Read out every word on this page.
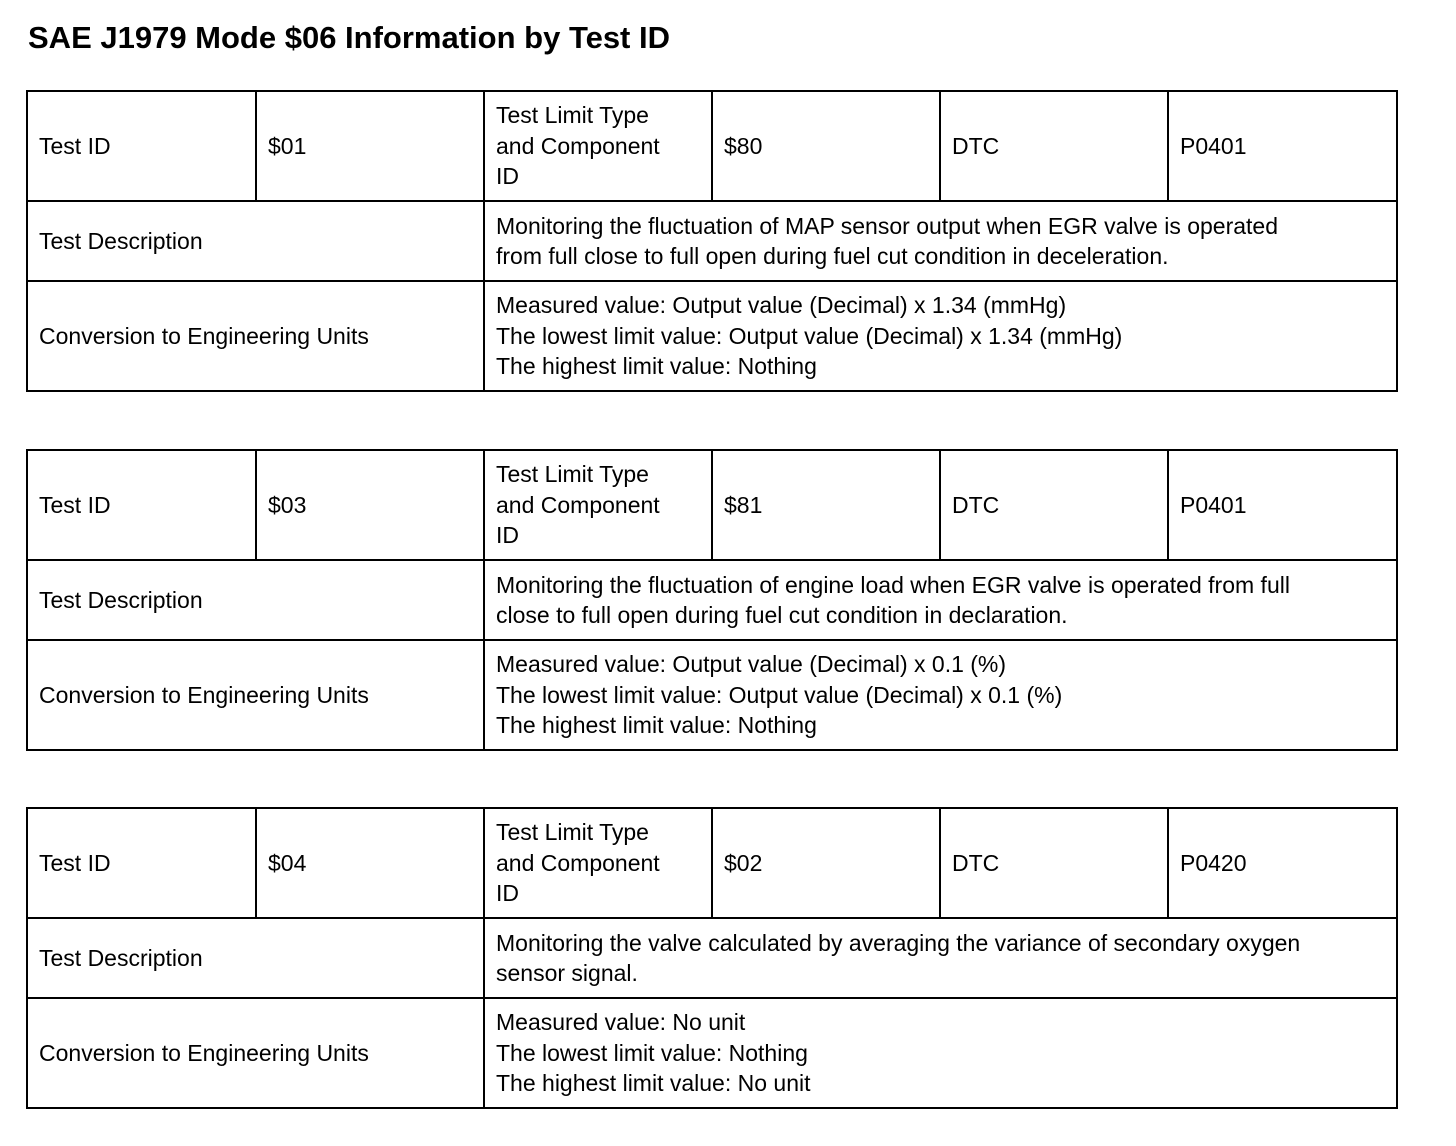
SAE J1979 Mode $06 Information by Test ID
Test ID	$01	Test Limit Type
and Component
ID	$80	DTC	P0401
Test Description		Monitoring the fluctuation of MAP sensor output when EGR valve is operated
from full close to full open during fuel cut condition in deceleration.			

Conversion to Engineering Units		Measured value: Output value (Decimal) x 1.34 (mmHg)
The lowest limit value: Output value (Decimal) x 1.34 (mmHg)
The highest limit value: Nothing			
Test ID	$03	Test Limit Type
and Component
ID	$81	DTC	P0401
Test Description		Monitoring the fluctuation of engine load when EGR valve is operated from full
close to full open during fuel cut condition in declaration.			

Conversion to Engineering Units		Measured value: Output value (Decimal) x 0.1 (%)
The lowest limit value: Output value (Decimal) x 0.1 (%)
The highest limit value: Nothing			
Test ID	$04	Test Limit Type
and Component
ID	$02	DTC	P0420
Test Description		Monitoring the valve calculated by averaging the variance of secondary oxygen
sensor signal.			

Conversion to Engineering Units		Measured value: No unit
The lowest limit value: Nothing
The highest limit value: No unit			
